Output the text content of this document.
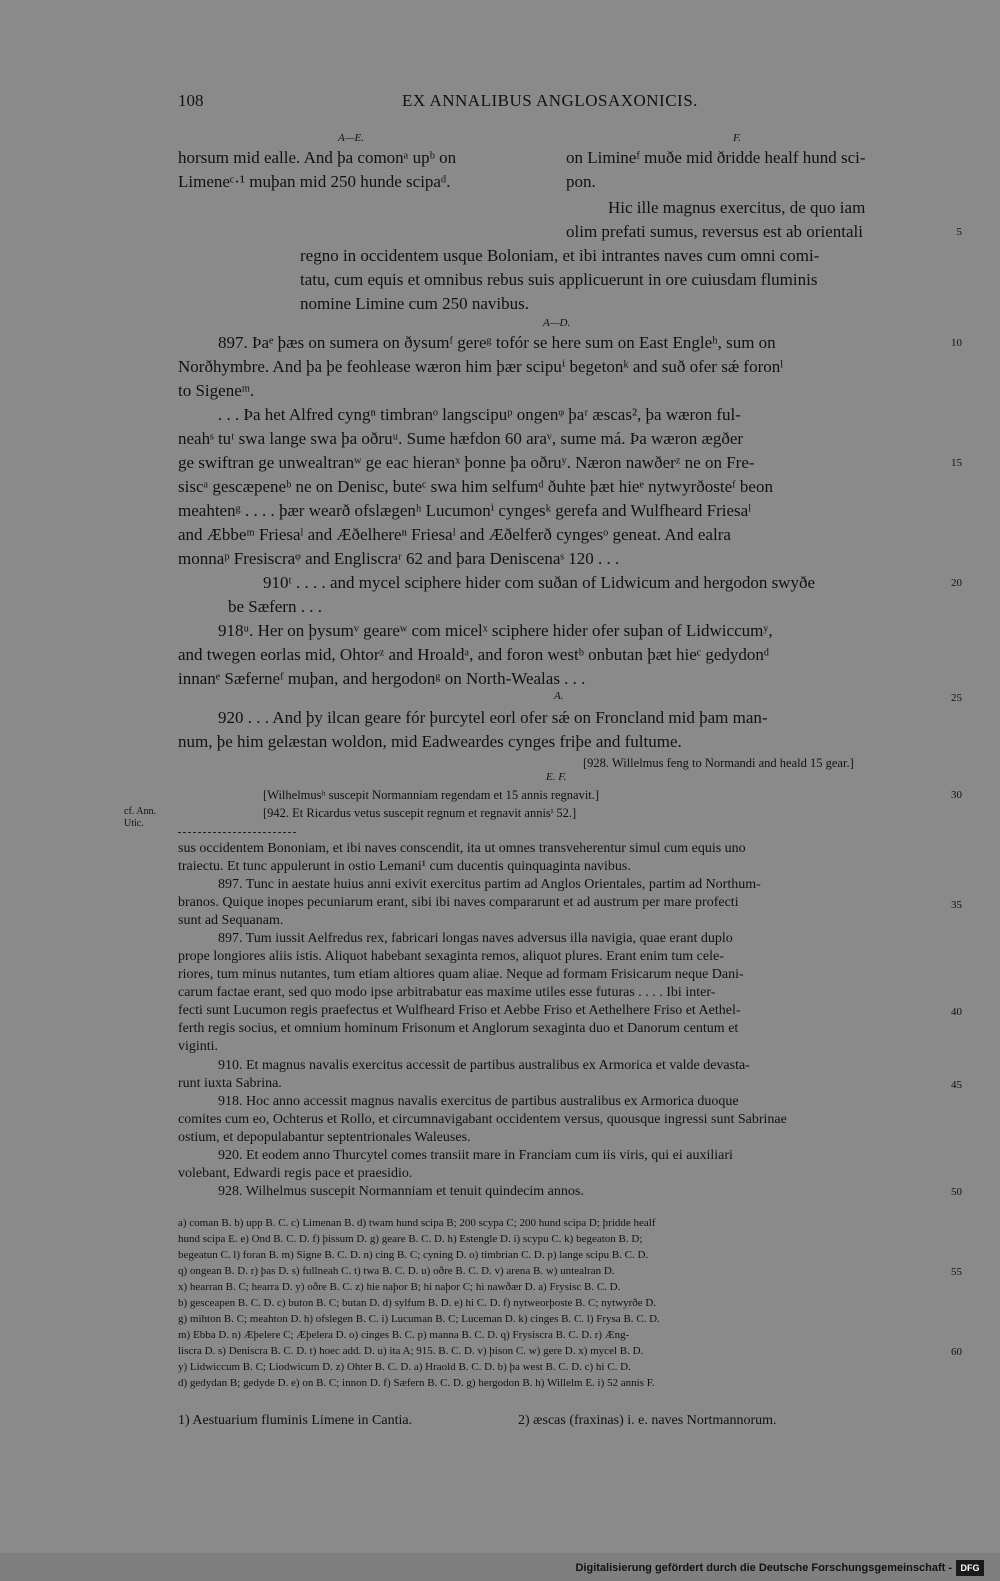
108	EX ANNALIBUS ANGLOSAXONICIS.
A—E.	F.
horsum mid ealle. And þa comonᵃ upᵇ on
Limeneᶜ·¹ muþan mid 250 hunde scipaᵈ.
on Limineᶠ muðe mid ðridde healf hund sci-
pon.
Hic ille magnus exercitus, de quo iam
olim prefati sumus, reversus est ab orientali
regno in occidentem usque Boloniam, et ibi intrantes naves cum omni comi-
tatu, cum equis et omnibus rebus suis applicuerunt in ore cuiusdam fluminis
nomine Limine cum 250 navibus.
A—D.
897. Þaᵉ þæs on sumera on ðysumᶠ gereᵍ tofór se here sum on East Engleʰ, sum on
Norðhymbre. And þa þe feohlease wæron him þær scipuⁱ begetonᵏ and suð ofer sǽ foronˡ
to Sigeneᵐ.
. . . Þa het Alfred cyngⁿ timbranᵒ langscipuᵖ ongenᵠ þaʳ æscas², þa wæron ful-
neahˢ tuᵗ swa lange swa þa oðruᵘ. Sume hæfdon 60 araᵛ, sume má. Þa wæron ægðer
ge swiftran ge unwealtranʷ ge eac hieranˣ þonne þa oðruʸ. Næron nawðerᶻ ne on Fre-
siscᵃ gescæpeneᵇ ne on Denisc, buteᶜ swa him selfumᵈ ðuhte þæt hieᵉ nytwyrðosteᶠ beon
meahtenᵍ . . . . þær wearð ofslægenʰ Lucumonⁱ cyngesᵏ gerefa and Wulfheard Friesaˡ
and Æbbeᵐ Friesaˡ and Æðelhereⁿ Friesaˡ and Æðelferð cyngesᵒ geneat. And ealra
monnaᵖ Fresiscraᵠ and Engliscraʳ 62 and þara Deniscenaˢ 120 . . .
910ᵗ . . . . and mycel sciphere hider com suðan of Lidwicum and hergodon swyðe
be Sæfern . . .
918ᵘ. Her on þysumᵛ geareʷ com micelˣ sciphere hider ofer suþan of Lidwiccumʸ,
and twegen eorlas mid, Ohtorᶻ and Hroaldᵃ, and foron westᵇ onbutan þæt hieᶜ gedydonᵈ
innanᵉ Sæferneᶠ muþan, and hergodonᵍ on North-Wealas . . .
A.
920 . . . And þy ilcan geare fór þurcytel eorl ofer sǽ on Froncland mid þam man-
num, þe him gelæstan woldon, mid Eadweardes cynges friþe and fultume.
[928. Willelmus feng to Normandi and heald 15 gear.]
E. F.
[Wilhelmusʰ suscepit Normanniam regendam et 15 annis regnavit.]
[942. Et Ricardus vetus suscepit regnum et regnavit annisⁱ 52.]
cf. Ann.
Utic.
sus occidentem Bononiam, et ibi naves conscendit, ita ut omnes transveherentur simul cum equis uno
traiectu. Et tunc appulerunt in ostio Lemani¹ cum ducentis quinquaginta navibus.
897. Tunc in aestate huius anni exivit exercitus partim ad Anglos Orientales, partim ad Northum-
branos. Quique inopes pecuniarum erant, sibi ibi naves compararunt et ad austrum per mare profecti
sunt ad Sequanam.
897. Tum iussit Aelfredus rex, fabricari longas naves adversus illa navigia, quae erant duplo
prope longiores aliis istis. Aliquot habebant sexaginta remos, aliquot plures. Erant enim tum cele-
riores, tum minus nutantes, tum etiam altiores quam aliae. Neque ad formam Frisicarum neque Dani-
carum factae erant, sed quo modo ipse arbitrabatur eas maxime utiles esse futuras . . . . Ibi inter-
fecti sunt Lucumon regis praefectus et Wulfheard Friso et Aebbe Friso et Aethelhere Friso et Aethel-
ferth regis socius, et omnium hominum Frisonum et Anglorum sexaginta duo et Danorum centum et
viginti.
910. Et magnus navalis exercitus accessit de partibus australibus ex Armorica et valde devasta-
runt iuxta Sabrina.
918. Hoc anno accessit magnus navalis exercitus de partibus australibus ex Armorica duoque
comites cum eo, Ochterus et Rollo, et circumnavigabant occidentem versus, quousque ingressi sunt Sabrinae
ostium, et depopulabantur septentrionales Waleuses.
920. Et eodem anno Thurcytel comes transiit mare in Franciam cum iis viris, qui ei auxiliari
volebant, Edwardi regis pace et praesidio.
928. Wilhelmus suscepit Normanniam et tenuit quindecim annos.
a) coman B. b) upp B. C. c) Limenan B. d) twam hund scipa B; 200 scypa C; 200 hund scipa D; þridde healf
hund scipa E. e) Ond B. C. D. f) þissum D. g) geare B. C. D. h) Estengle D. i) scypu C. k) begeaton B. D;
begeatun C. l) foran B. m) Signe B. C. D. n) cing B. C; cyning D. o) timbrian C. D. p) lange scipu B. C. D.
q) ongean B. D. r) þas D. s) fullneah C. t) twa B. C. D. u) oðre B. C. D. v) arena B. w) untealran D.
x) hearran B. C; hearra D. y) oðre B. C. z) hie naþor B; hi naþor C; hi nawðær D. a) Frysisc B. C. D.
b) gesceapen B. C. D. c) buton B. C; butan D. d) sylfum B. D. e) hi C. D. f) nytweorþoste B. C; nytwyrðe D.
g) mihton B. C; meahton D. h) ofslegen B. C. i) Lucuman B. C; Luceman D. k) cinges B. C. l) Frysa B. C. D.
m) Ebba D. n) Æþelere C; Æþelera D. o) cinges B. C. p) manna B. C. D. q) Frysiscra B. C. D. r) Æng-
liscra D. s) Deniscra B. C. D. t) hoec add. D. u) ita A; 915. B. C. D. v) þison C. w) gere D. x) mycel B. D.
y) Lidwiccum B. C; Liodwicum D. z) Ohter B. C. D. a) Hraold B. C. D. b) þa west B. C. D. c) hi C. D.
d) gedydan B; gedyde D. e) on B. C; innon D. f) Sæfern B. C. D. g) hergodon B. h) Willelm E. i) 52 annis F.
1) Aestuarium fluminis Limene in Cantia.	2) æscas (fraxinas) i. e. naves Nortmannorum.
5
10
15
20
25
30
35
40
45
50
55
60
Digitalisierung gefördert durch die Deutsche Forschungsgemeinschaft - DFG
